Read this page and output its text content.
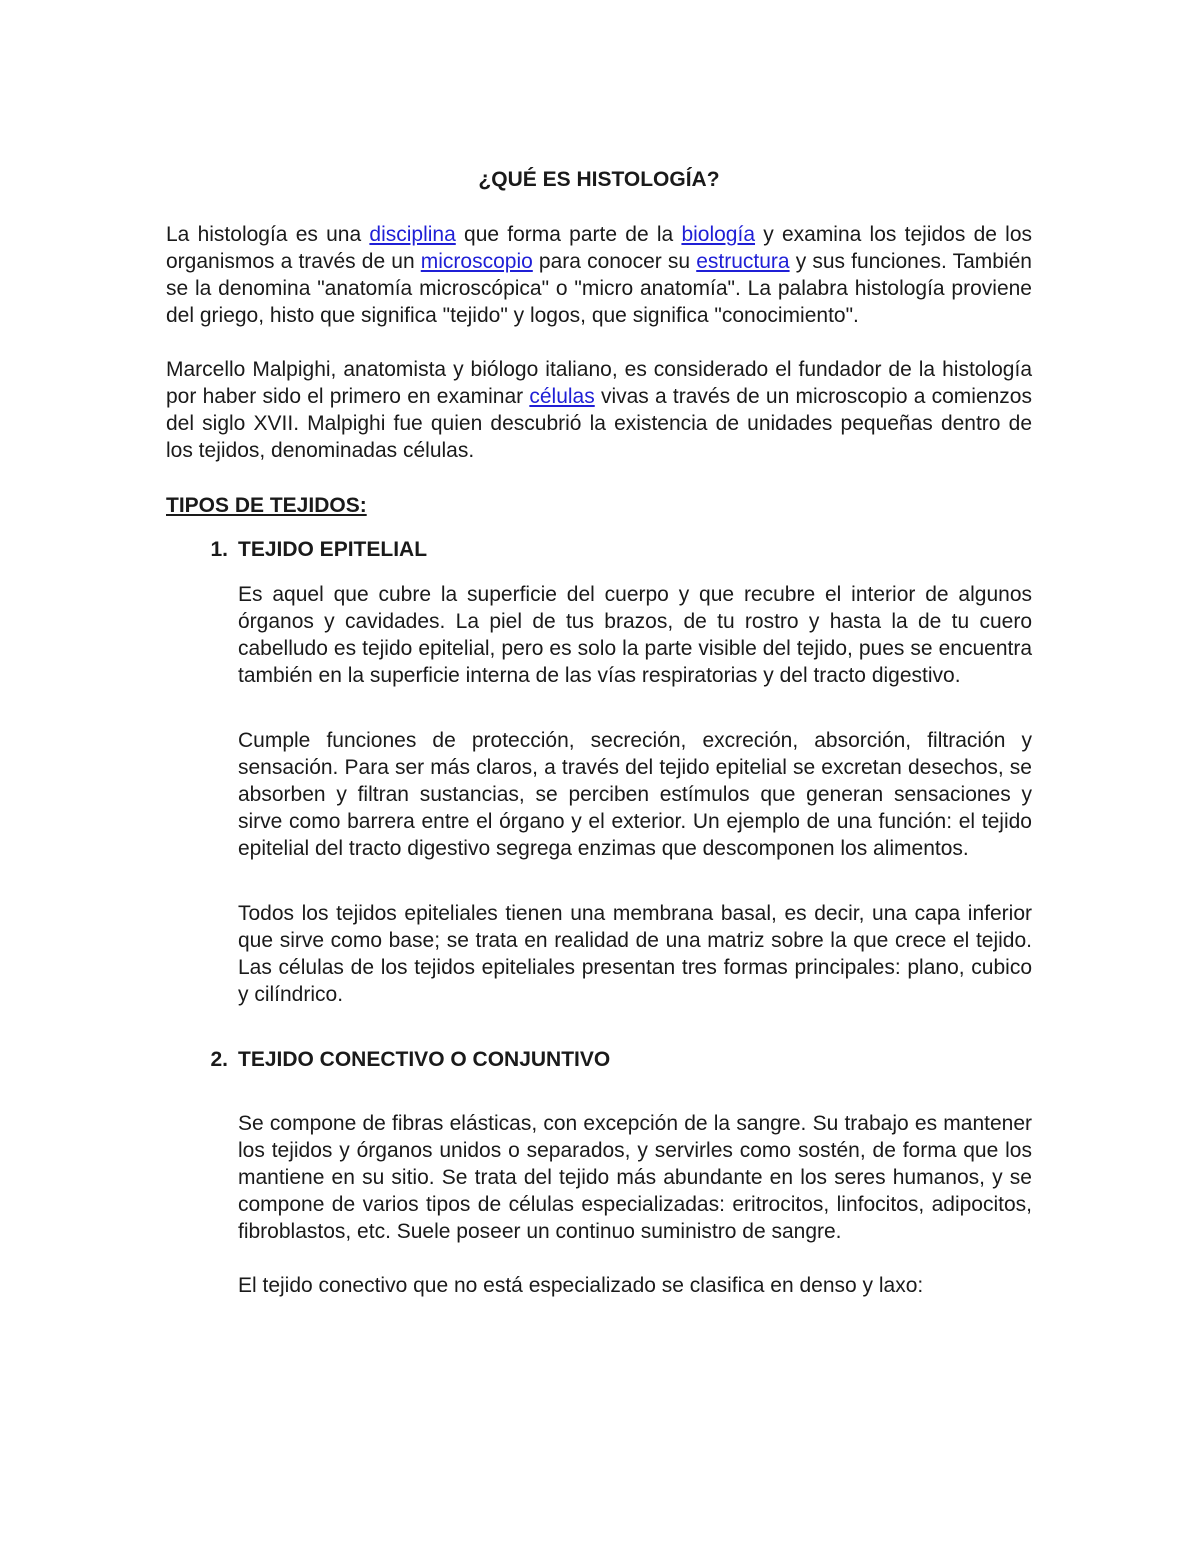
¿QUÉ ES HISTOLOGÍA?

La histología es una disciplina que forma parte de la biología y examina los tejidos de los organismos a través de un microscopio para conocer su estructura y sus funciones. También se la denomina "anatomía microscópica" o "micro anatomía". La palabra histología proviene del griego, histo que significa "tejido" y logos, que significa "conocimiento".

Marcello Malpighi, anatomista y biólogo italiano, es considerado el fundador de la histología por haber sido el primero en examinar células vivas a través de un microscopio a comienzos del siglo XVII. Malpighi fue quien descubrió la existencia de unidades pequeñas dentro de los tejidos, denominadas células.

TIPOS DE TEJIDOS:
1. TEJIDO EPITELIAL

Es aquel que cubre la superficie del cuerpo y que recubre el interior de algunos órganos y cavidades. La piel de tus brazos, de tu rostro y hasta la de tu cuero cabelludo es tejido epitelial, pero es solo la parte visible del tejido, pues se encuentra también en la superficie interna de las vías respiratorias y del tracto digestivo.

Cumple funciones de protección, secreción, excreción, absorción, filtración y sensación. Para ser más claros, a través del tejido epitelial se excretan desechos, se absorben y filtran sustancias, se perciben estímulos que generan sensaciones y sirve como barrera entre el órgano y el exterior. Un ejemplo de una función: el tejido epitelial del tracto digestivo segrega enzimas que descomponen los alimentos.

Todos los tejidos epiteliales tienen una membrana basal, es decir, una capa inferior que sirve como base; se trata en realidad de una matriz sobre la que crece el tejido. Las células de los tejidos epiteliales presentan tres formas principales: plano, cubico y cilíndrico.

2. TEJIDO CONECTIVO O CONJUNTIVO

Se compone de fibras elásticas, con excepción de la sangre. Su trabajo es mantener los tejidos y órganos unidos o separados, y servirles como sostén, de forma que los mantiene en su sitio. Se trata del tejido más abundante en los seres humanos, y se compone de varios tipos de células especializadas: eritrocitos, linfocitos, adipocitos, fibroblastos, etc. Suele poseer un continuo suministro de sangre.

El tejido conectivo que no está especializado se clasifica en denso y laxo:
